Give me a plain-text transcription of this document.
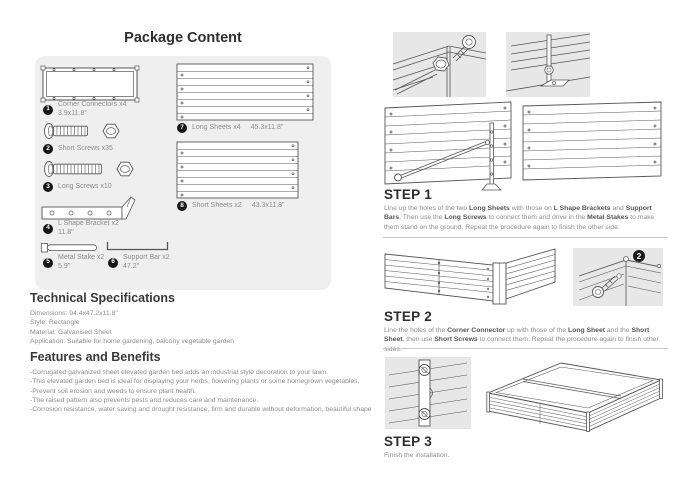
Package Content
1
Corner Connectors x4
3.9x11.8"
2	Short Screws x35
3	Long Screws x10
4
L Shape Bracket x2
11.8"
5
Metal Stake x2
5.9"
6
Support Bar x2
47.2"
7	Long Sheets x4 45.3x11.8"
8	Short Sheets x2 43.3x11.8"
Technical Specifications
Dimensions: 94.4x47.2x11.8"
Style: Rectangle
Material: Galvanised Sheet
Application: Suitable for home gardening, balcony vegetable garden
Features and Benefits
-Corrugated galvanized sheet elevated garden bed adds an industrial style decoration to your lawn.
-This elevated garden bed is ideal for displaying your herbs, flowering plants or some homegrown vegetables.
-Prevent soil erosion and weeds to ensure plant health.
-The raised pattern also prevents pests and reduces care and maintenance.
-Corrosion resistance, water saving and drought resistance, firm and durable without deformation, beautiful shape
STEP 1
Line up the holes of the two Long Sheets with those on L Shape Brackets and Support Bars. Then use the Long Screws to connect them and drive in the Metal Stakes to make them stand on the ground. Repeat the procedure again to finish the other side.
2
STEP 2
Line the holes of the Corner Connector up with those of the Long Sheet and the Short Sheet, then use Short Screws to connect them. Repeat the procedure again to finish other sides.
STEP 3
Finish the installation.
